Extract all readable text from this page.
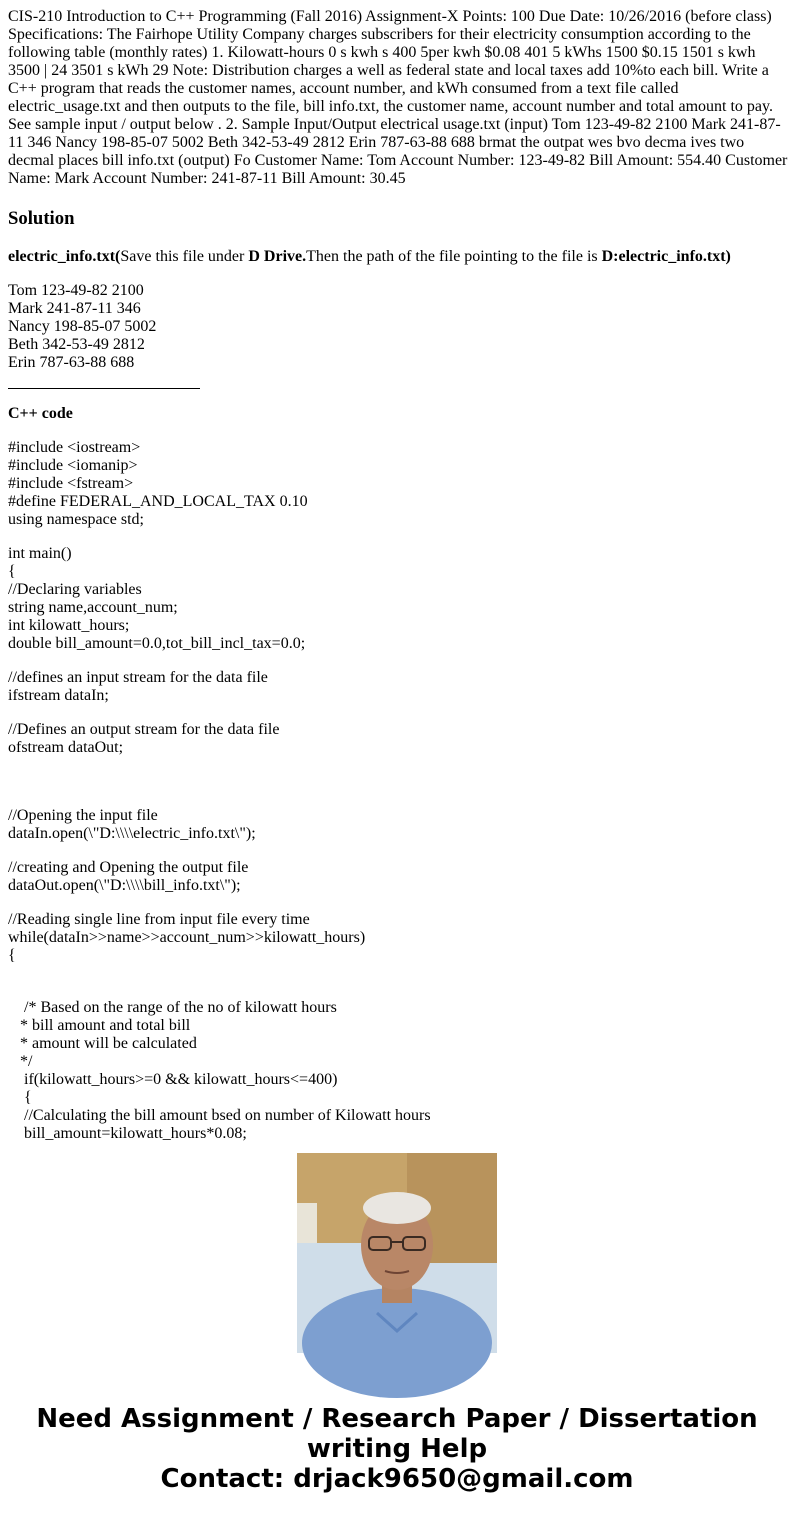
CIS-210 Introduction to C++ Programming (Fall 2016) Assignment-X Points: 100 Due Date: 10/26/2016 (before class) Specifications: The Fairhope Utility Company charges subscribers for their electricity consumption according to the following table (monthly rates) 1. Kilowatt-hours 0 s kwh s 400 5per kwh $0.08 401 5 kWhs 1500 $0.15 1501 s kwh 3500 | 24 3501 s kWh 29 Note: Distribution charges a well as federal state and local taxes add 10%to each bill. Write a C++ program that reads the customer names, account number, and kWh consumed from a text file called electric_usage.txt and then outputs to the file, bill info.txt, the customer name, account number and total amount to pay. See sample input / output below . 2. Sample Input/Output electrical usage.txt (input) Tom 123-49-82 2100 Mark 241-87-11 346 Nancy 198-85-07 5002 Beth 342-53-49 2812 Erin 787-63-88 688 brmat the outpat wes bvo decma ives two decmal places bill info.txt (output) Fo Customer Name: Tom Account Number: 123-49-82 Bill Amount: 554.40 Customer Name: Mark Account Number: 241-87-11 Bill Amount: 30.45
Solution

electric_info.txt(Save this file under D Drive.Then the path of the file pointing to the file is D:electric_info.txt)

Tom 123-49-82 2100
Mark 241-87-11 346
Nancy 198-85-07 5002
Beth 342-53-49 2812
Erin 787-63-88 688

C++ code

#include <iostream>
#include <iomanip>
#include <fstream>
#define FEDERAL_AND_LOCAL_TAX 0.10
using namespace std;

int main()
{
//Declaring variables
string name,account_num;
int kilowatt_hours;
double bill_amount=0.0,tot_bill_incl_tax=0.0;

//defines an input stream for the data file
ifstream dataIn;

//Defines an output stream for the data file
ofstream dataOut;

//Opening the input file
dataIn.open(\"D:\\\\electric_info.txt\");

//creating and Opening the output file
dataOut.open(\"D:\\\\bill_info.txt\");

//Reading single line from input file every time
while(dataIn>>name>>account_num>>kilowatt_hours)
{

/* Based on the range of the no of kilowatt hours
* bill amount and total bill
* amount will be calculated
*/
if(kilowatt_hours>=0 && kilowatt_hours<=400)
{
//Calculating the bill amount bsed on number of Kilowatt hours
bill_amount=kilowatt_hours*0.08;

Need Assignment / Research Paper / Dissertation
writing Help
Contact: drjack9650@gmail.com
